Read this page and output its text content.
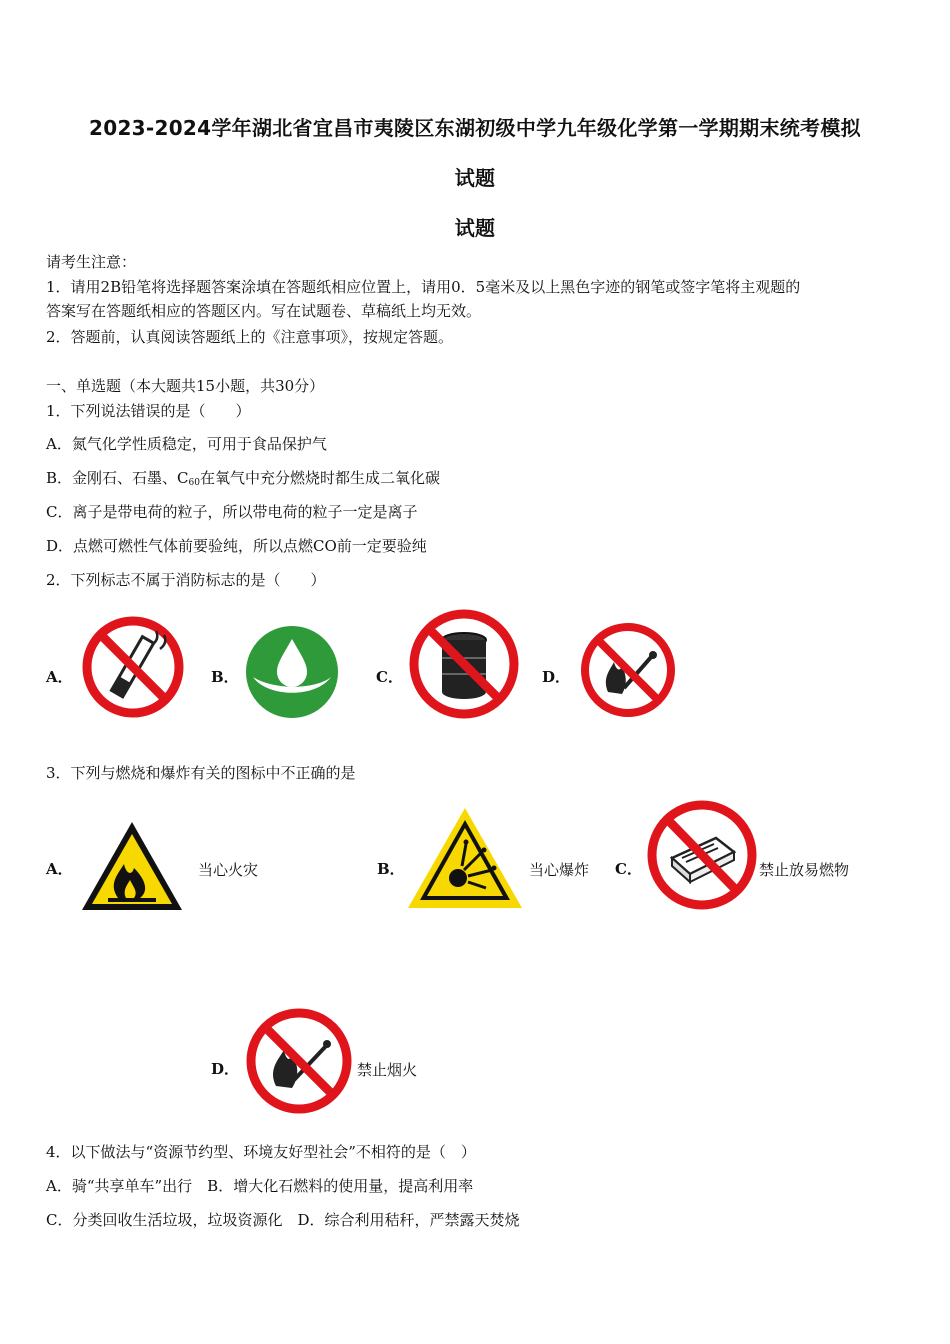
2023-2024学年湖北省宜昌市夷陵区东湖初级中学九年级化学第一学期期末统考模拟
试题
试题
请考生注意：
1．请用2B铅笔将选择题答案涂填在答题纸相应位置上，请用0．5毫米及以上黑色字迹的钢笔或签字笔将主观题的
答案写在答题纸相应的答题区内。写在试题卷、草稿纸上均无效。
2．答题前，认真阅读答题纸上的《注意事项》，按规定答题。
一、单选题（本大题共15小题，共30分）
1．下列说法错误的是（　　）
A．氮气化学性质稳定，可用于食品保护气
B．金刚石、石墨、$C_{60}$在氧气中充分燃烧时都生成二氧化碳
C．离子是带电荷的粒子，所以带电荷的粒子一定是离子
D．点燃可燃性气体前要验纯，所以点燃CO前一定要验纯
2．下列标志不属于消防标志的是（　　）
A．	B．	C．	D．
3．下列与燃烧和爆炸有关的图标中不正确的是
A．	当心火灾	B．	当心爆炸 C．	禁止放易燃物
D．	禁止烟火
4．以下做法与“资源节约型、环境友好型社会”不相符的是（　）
A．骑“共享单车”出行　B．增大化石燃料的使用量，提高利用率
C．分类回收生活垃圾，垃圾资源化　D．综合利用秸秆，严禁露天焚烧
